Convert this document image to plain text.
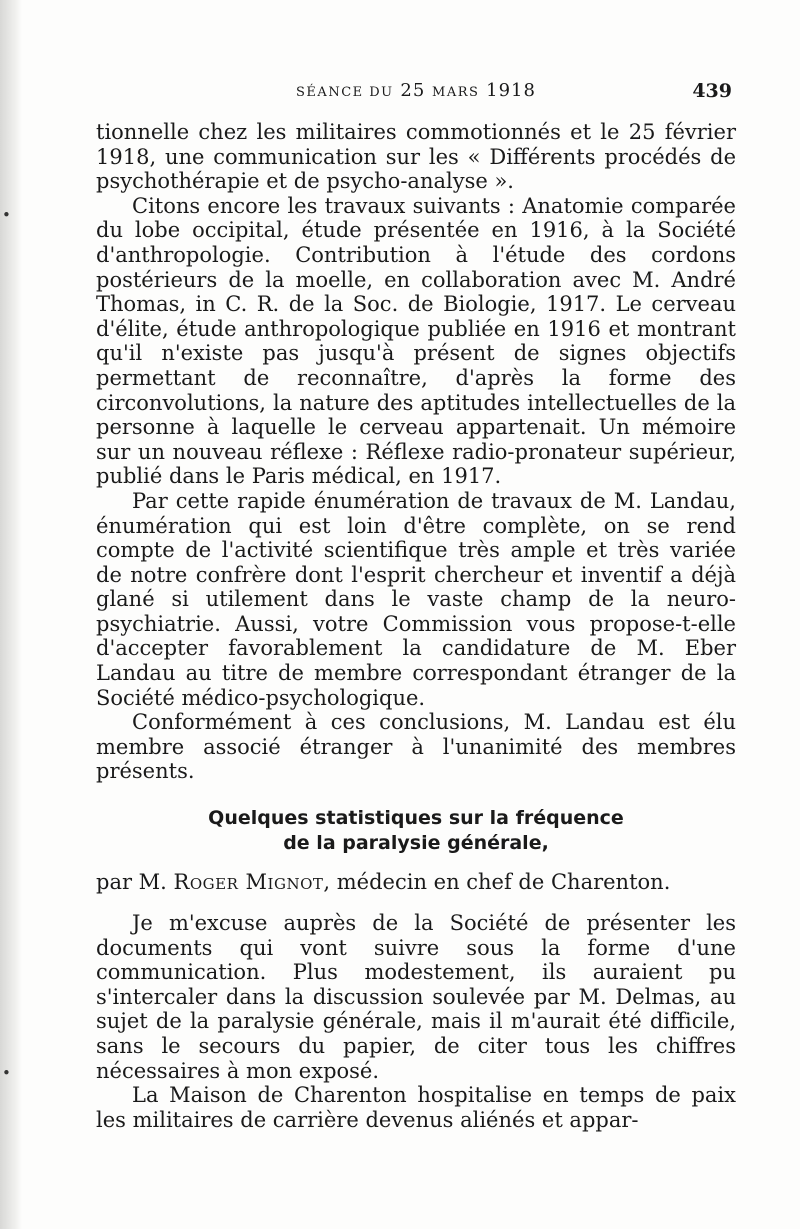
•
•
SÉANCE DU 25 MARS 1918	439

tionnelle chez les militaires commotionnés et le 25 février 1918, une communication sur les « Différents procédés de psychothérapie et de psycho-analyse ».

Citons encore les travaux suivants : Anatomie comparée du lobe occipital, étude présentée en 1916, à la Société d'anthropologie. Contribution à l'étude des cordons postérieurs de la moelle, en collaboration avec M. André Thomas, in C. R. de la Soc. de Biologie, 1917. Le cerveau d'élite, étude anthropologique publiée en 1916 et montrant qu'il n'existe pas jusqu'à présent de signes objectifs permettant de reconnaître, d'après la forme des circonvolutions, la nature des aptitudes intellectuelles de la personne à laquelle le cerveau appartenait. Un mémoire sur un nouveau réflexe : Réflexe radio-pronateur supérieur, publié dans le Paris médical, en 1917.

Par cette rapide énumération de travaux de M. Landau, énumération qui est loin d'être complète, on se rend compte de l'activité scientifique très ample et très variée de notre confrère dont l'esprit chercheur et inventif a déjà glané si utilement dans le vaste champ de la neuro-psychiatrie. Aussi, votre Commission vous propose-t-elle d'accepter favorablement la candidature de M. Eber Landau au titre de membre correspondant étranger de la Société médico-psychologique.

Conformément à ces conclusions, M. Landau est élu membre associé étranger à l'unanimité des membres présents.

Quelques statistiques sur la fréquence
de la paralysie générale,
par M. Roger Mignot, médecin en chef de Charenton.

Je m'excuse auprès de la Société de présenter les documents qui vont suivre sous la forme d'une communication. Plus modestement, ils auraient pu s'intercaler dans la discussion soulevée par M. Delmas, au sujet de la paralysie générale, mais il m'aurait été difficile, sans le secours du papier, de citer tous les chiffres nécessaires à mon exposé.

La Maison de Charenton hospitalise en temps de paix les militaires de carrière devenus aliénés et appar-
